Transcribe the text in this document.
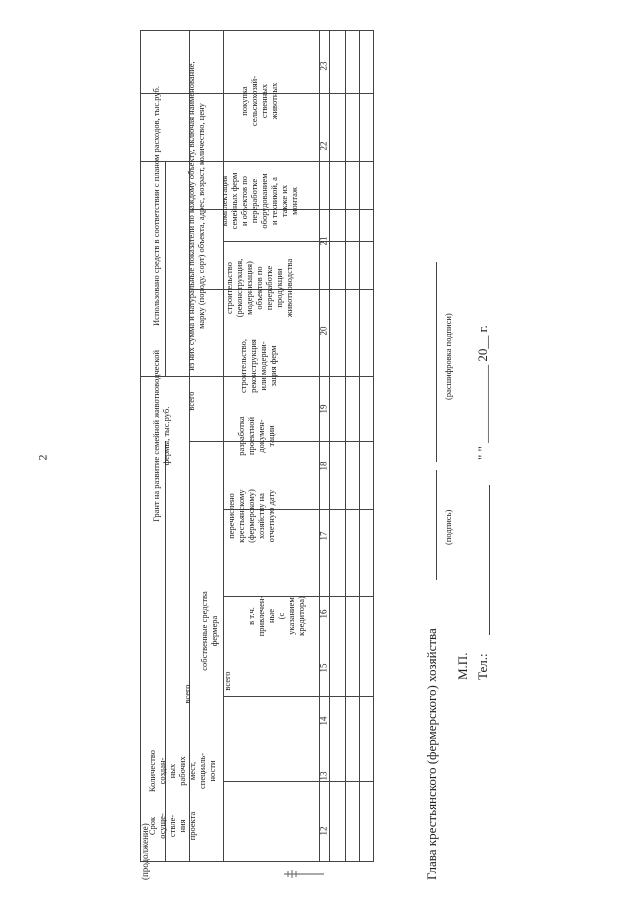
2
(продолжение)
Срок
осуще-
ствле-
ния
проекта
Количество
создан-
ных
рабочих
мест,
специаль-
ности
Грант на развитие семейной животноводческой
фермы, тыс.руб.
всего
собственные средства
фермера
всего
в т.ч.
привлечен-
ные
(с
указанием
кредитора)
перечислено
крестьянскому
(фермерскому)
хозяйству на
отчетную дату
Использовано средств в соответствии с планом расходов, тыс.руб.
всего
из них сумма и натуральные показатели по каждому объекту, включая наименование,
марку (породу, сорт) объекта, адрес, возраст, количество, цену
разработка
проектной
докумен-
тации
строительство,
реконструкция
или модерни-
зация ферм
строительство
(реконструкция,
модернизация)
объектов по
переработке
продукции
животноводства
комплектация
семейных ферм
и объектов по
переработке
оборудованием
и техникой, а
также их
монтаж
покупка
сельскохозяй-
ственных
животных
12
13
14
15
16
17
18
19
20
21
22
23
Глава крестьянского (фермерского) хозяйства
(подпись)
(расшифровка подписи)
М.П. Тел.:
" " ____________ 20__ г.
